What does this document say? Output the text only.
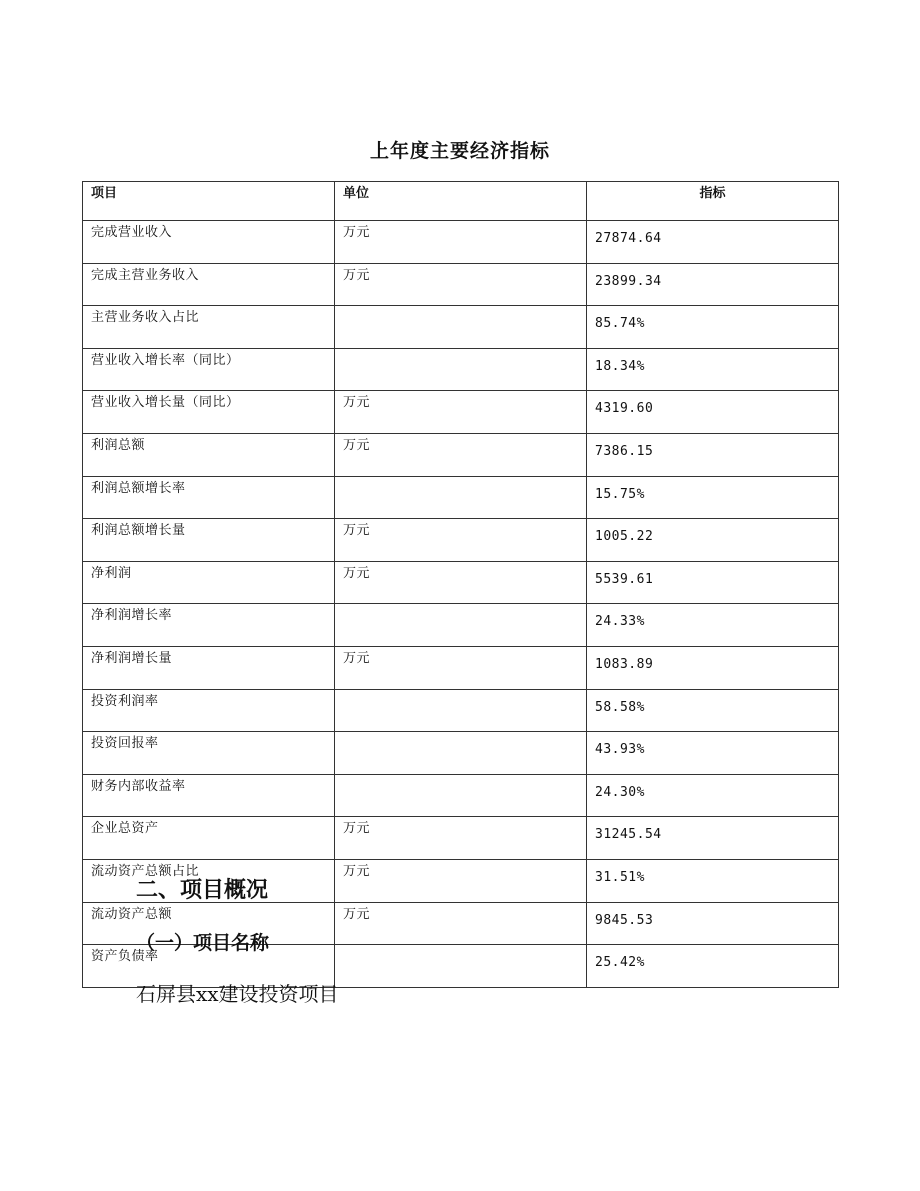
上年度主要经济指标
项目	单位	指标
完成营业收入	万元	27874.64
完成主营业务收入	万元	23899.34
主营业务收入占比		85.74%
营业收入增长率（同比）		18.34%
营业收入增长量（同比）	万元	4319.60
利润总额	万元	7386.15
利润总额增长率		15.75%
利润总额增长量	万元	1005.22
净利润	万元	5539.61
净利润增长率		24.33%
净利润增长量	万元	1083.89
投资利润率		58.58%
投资回报率		43.93%
财务内部收益率		24.30%
企业总资产	万元	31245.54
流动资产总额占比	万元	31.51%
流动资产总额	万元	9845.53
资产负债率		25.42%
二、项目概况
（一）项目名称
石屏县xx建设投资项目
